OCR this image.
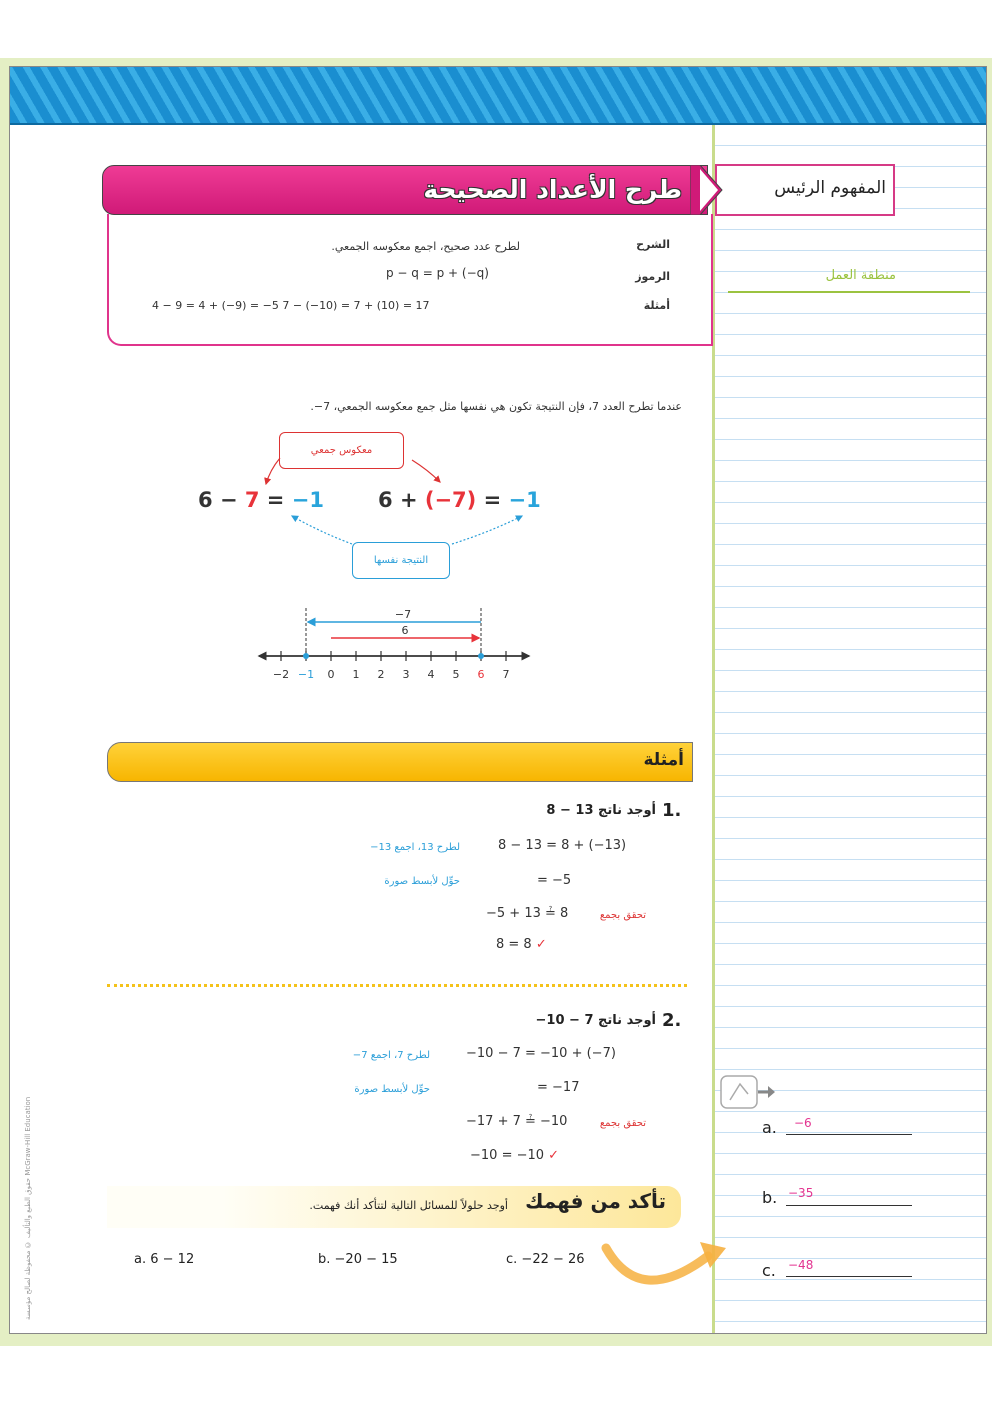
المفهوم الرئيس
منطقة العمل
طرح الأعداد الصحيحة
الشرح
لطرح عدد صحيح، اجمع معكوسه الجمعي.
الرموز
p − q = p + (−q)
أمثلة
4 − 9 = 4 + (−9) = −5 7 − (−10) = 7 + (10) = 17
عندما تطرح العدد 7، فإن النتيجة تكون هي نفسها مثل جمع معكوسه الجمعي، 7−.
معكوس جمعي
النتيجة نفسها
6 − 7 = −1	6 + (−7) = −1
−7
6
−2 −1 0 1 2 3 4 5 6 7
أمثلة
1.
أوجد ناتج 13 − 8
8 − 13 = 8 + (−13)
= −5
−5 + 13 ≟ 8
8 = 8 ✓
لطرح 13، اجمع 13−
حوِّل لأبسط صورة
تحقق بجمع
2.
أوجد ناتج 7 − 10−
−10 − 7 = −10 + (−7)
= −17
−17 + 7 ≟ −10
−10 = −10 ✓
لطرح 7، اجمع 7−
حوِّل لأبسط صورة
تحقق بجمع
تأكد من فهمك
أوجد حلولاً للمسائل التالية لتتأكد أنك فهمت.
a. 6 − 12	b. −20 − 15	c. −22 − 26
a.	−6
b. −35
c.	−48
حقوق الطبع والتأليف © محفوظة لصالح مؤسسة McGraw-Hill Education
